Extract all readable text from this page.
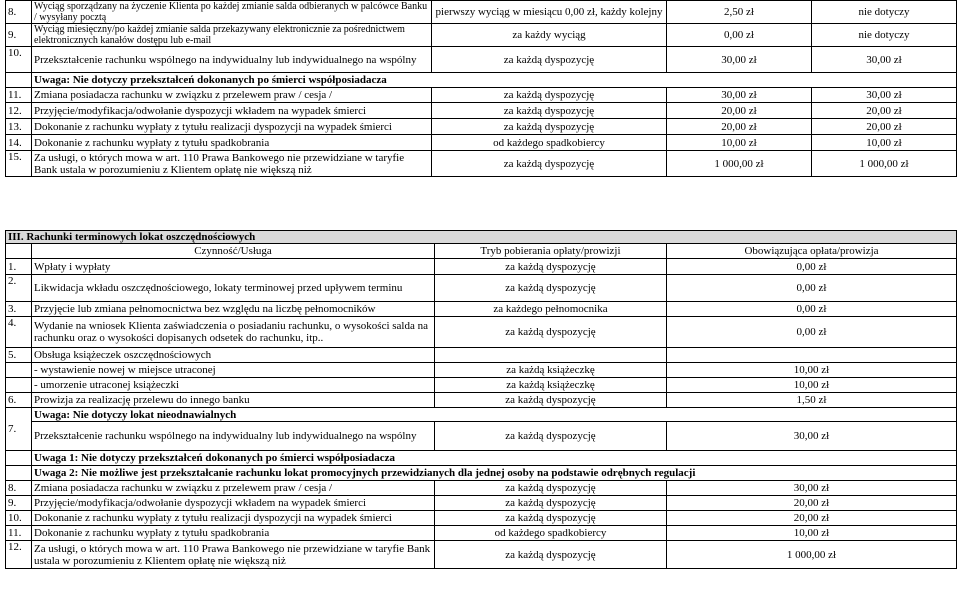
8.	Wyciąg sporządzany na życzenie Klienta po każdej zmianie salda odbieranych w palcówce Banku / wysyłany pocztą	pierwszy wyciąg w miesiącu 0,00 zł, każdy kolejny	2,50 zł	nie dotyczy
9.	Wyciąg miesięczny/po każdej zmianie salda przekazywany elektronicznie za pośrednictwem elektronicznych kanałów dostępu lub e-mail	za każdy wyciąg	0,00 zł	nie dotyczy
10.	Przekształcenie rachunku wspólnego na indywidualny lub indywidualnego na wspólny	za każdą dyspozycję	30,00 zł	30,00 zł
	Uwaga: Nie dotyczy przekształceń dokonanych po śmierci współposiadacza			
11.	Zmiana posiadacza rachunku w związku z przelewem praw / cesja /	za każdą dyspozycję	30,00 zł	30,00 zł
12.	Przyjęcie/modyfikacja/odwołanie dyspozycji wkładem na wypadek śmierci	za każdą dyspozycję	20,00 zł	20,00 zł
13.	Dokonanie z rachunku wypłaty z tytułu realizacji dyspozycji na wypadek śmierci	za każdą dyspozycję	20,00 zł	20,00 zł
14.	Dokonanie z rachunku wypłaty z tytułu spadkobrania	od każdego spadkobiercy	10,00 zł	10,00 zł
15.	Za usługi, o których mowa w art. 110 Prawa Bankowego nie przewidziane w taryfie Bank ustala w porozumieniu z Klientem opłatę nie większą niż	za każdą dyspozycję	1 000,00 zł	1 000,00 zł
III. Rachunki terminowych lokat oszczędnościowych			
	Czynność/Usługa	Tryb pobierania opłaty/prowizji	Obowiązująca opłata/prowizja
1.	Wpłaty i wypłaty	za każdą dyspozycję	0,00 zł
2.	Likwidacja wkładu oszczędnościowego, lokaty terminowej przed upływem terminu	za każdą dyspozycję	0,00 zł
3.	Przyjęcie lub zmiana pełnomocnictwa bez względu na liczbę pełnomocników	za każdego pełnomocnika	0,00 zł
4.	Wydanie na wniosek Klienta zaświadczenia o posiadaniu rachunku, o wysokości salda na rachunku oraz o wysokości dopisanych odsetek do rachunku, itp..	za każdą dyspozycję	0,00 zł
5.	Obsługa książeczek oszczędnościowych		
	- wystawienie nowej w miejsce utraconej	za każdą książeczkę	10,00 zł
	- umorzenie utraconej książeczki	za każdą książeczkę	10,00 zł
6.	Prowizja za realizację przelewu do innego banku	za każdą dyspozycję	1,50 zł
7.	Uwaga: Nie dotyczy lokat nieodnawialnych		
	Przekształcenie rachunku wspólnego na indywidualny lub indywidualnego na wspólny	za każdą dyspozycję	30,00 zł
	Uwaga 1: Nie dotyczy przekształceń dokonanych po śmierci współposiadacza		
	Uwaga 2: Nie możliwe jest przekształcanie rachunku lokat promocyjnych przewidzianych dla jednej osoby na podstawie odrębnych regulacji		
8.	Zmiana posiadacza rachunku w związku z przelewem praw / cesja /	za każdą dyspozycję	30,00 zł
9.	Przyjęcie/modyfikacja/odwołanie dyspozycji wkładem na wypadek śmierci	za każdą dyspozycję	20,00 zł
10.	Dokonanie z rachunku wypłaty z tytułu realizacji dyspozycji na wypadek śmierci	za każdą dyspozycję	20,00 zł
11.	Dokonanie z rachunku wypłaty z tytułu spadkobrania	od każdego spadkobiercy	10,00 zł
12.	Za usługi, o których mowa w art. 110 Prawa Bankowego nie przewidziane w taryfie Bank ustala w porozumieniu z Klientem opłatę nie większą niż	za każdą dyspozycję	1 000,00 zł
